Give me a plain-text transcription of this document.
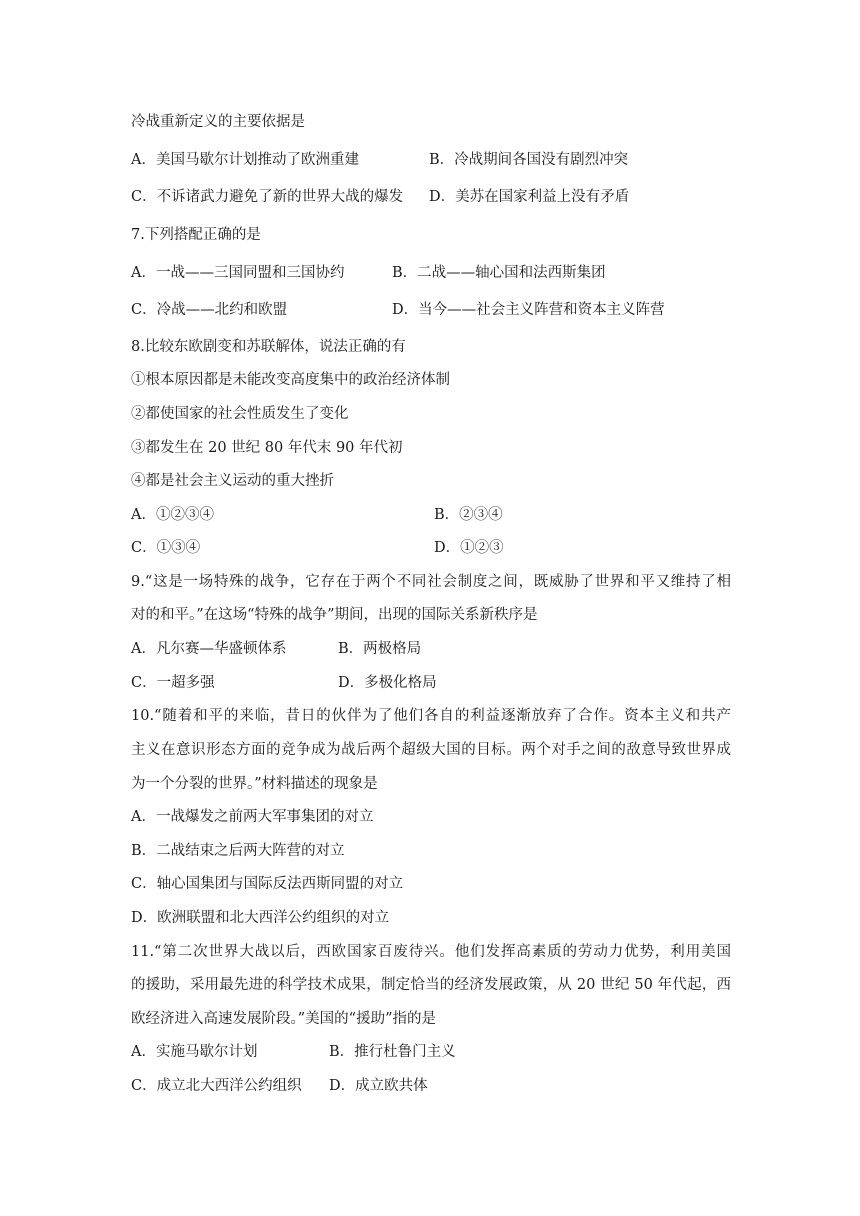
冷战重新定义的主要依据是
A．美国马歇尔计划推动了欧洲重建	B．冷战期间各国没有剧烈冲突
C．不诉诸武力避免了新的世界大战的爆发 D．美苏在国家利益上没有矛盾
7.下列搭配正确的是
A．一战——三国同盟和三国协约	B．二战——轴心国和法西斯集团
C．冷战——北约和欧盟	D．当今——社会主义阵营和资本主义阵营
8.比较东欧剧变和苏联解体，说法正确的有
①根本原因都是未能改变高度集中的政治经济体制
②都使国家的社会性质发生了变化
③都发生在 20 世纪 80 年代末 90 年代初
④都是社会主义运动的重大挫折
A．①②③④	B．②③④
C．①③④	D．①②③
9.“这是一场特殊的战争，它存在于两个不同社会制度之间，既威胁了世界和平又维持了相
对的和平。”在这场“特殊的战争”期间，出现的国际关系新秩序是
A．凡尔赛—华盛顿体系	B．两极格局
C．一超多强	D．多极化格局
10.“随着和平的来临，昔日的伙伴为了他们各自的利益逐渐放弃了合作。资本主义和共产
主义在意识形态方面的竞争成为战后两个超级大国的目标。两个对手之间的敌意导致世界成
为一个分裂的世界。”材料描述的现象是
A．一战爆发之前两大军事集团的对立
B．二战结束之后两大阵营的对立
C．轴心国集团与国际反法西斯同盟的对立
D．欧洲联盟和北大西洋公约组织的对立
11.“第二次世界大战以后，西欧国家百废待兴。他们发挥高素质的劳动力优势，利用美国
的援助，采用最先进的科学技术成果，制定恰当的经济发展政策，从 20 世纪 50 年代起，西
欧经济进入高速发展阶段。”美国的“援助”指的是
A．实施马歇尔计划	B．推行杜鲁门主义
C．成立北大西洋公约组织 D．成立欧共体
